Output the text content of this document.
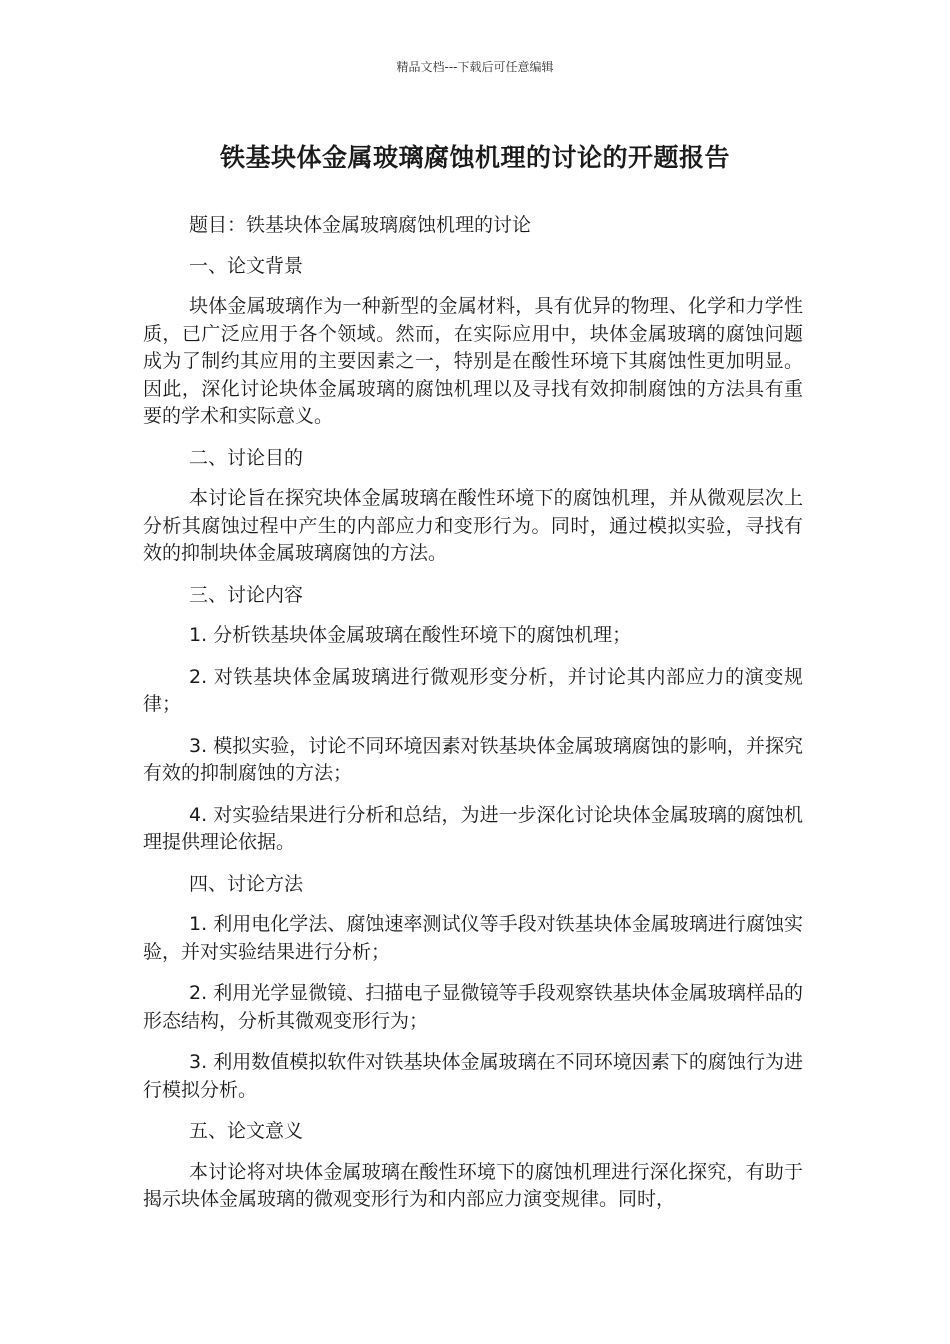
精品文档---下载后可任意编辑
铁基块体金属玻璃腐蚀机理的讨论的开题报告

题目：铁基块体金属玻璃腐蚀机理的讨论

一、论文背景

块体金属玻璃作为一种新型的金属材料，具有优异的物理、化学和力学性质，已广泛应用于各个领域。然而，在实际应用中，块体金属玻璃的腐蚀问题成为了制约其应用的主要因素之一，特别是在酸性环境下其腐蚀性更加明显。因此，深化讨论块体金属玻璃的腐蚀机理以及寻找有效抑制腐蚀的方法具有重要的学术和实际意义。

二、讨论目的

本讨论旨在探究块体金属玻璃在酸性环境下的腐蚀机理，并从微观层次上分析其腐蚀过程中产生的内部应力和变形行为。同时，通过模拟实验，寻找有效的抑制块体金属玻璃腐蚀的方法。

三、讨论内容

1. 分析铁基块体金属玻璃在酸性环境下的腐蚀机理；

2. 对铁基块体金属玻璃进行微观形变分析，并讨论其内部应力的演变规律；

3. 模拟实验，讨论不同环境因素对铁基块体金属玻璃腐蚀的影响，并探究有效的抑制腐蚀的方法；

4. 对实验结果进行分析和总结，为进一步深化讨论块体金属玻璃的腐蚀机理提供理论依据。

四、讨论方法

1. 利用电化学法、腐蚀速率测试仪等手段对铁基块体金属玻璃进行腐蚀实验，并对实验结果进行分析；

2. 利用光学显微镜、扫描电子显微镜等手段观察铁基块体金属玻璃样品的形态结构，分析其微观变形行为；

3. 利用数值模拟软件对铁基块体金属玻璃在不同环境因素下的腐蚀行为进行模拟分析。

五、论文意义

本讨论将对块体金属玻璃在酸性环境下的腐蚀机理进行深化探究，有助于揭示块体金属玻璃的微观变形行为和内部应力演变规律。同时，
